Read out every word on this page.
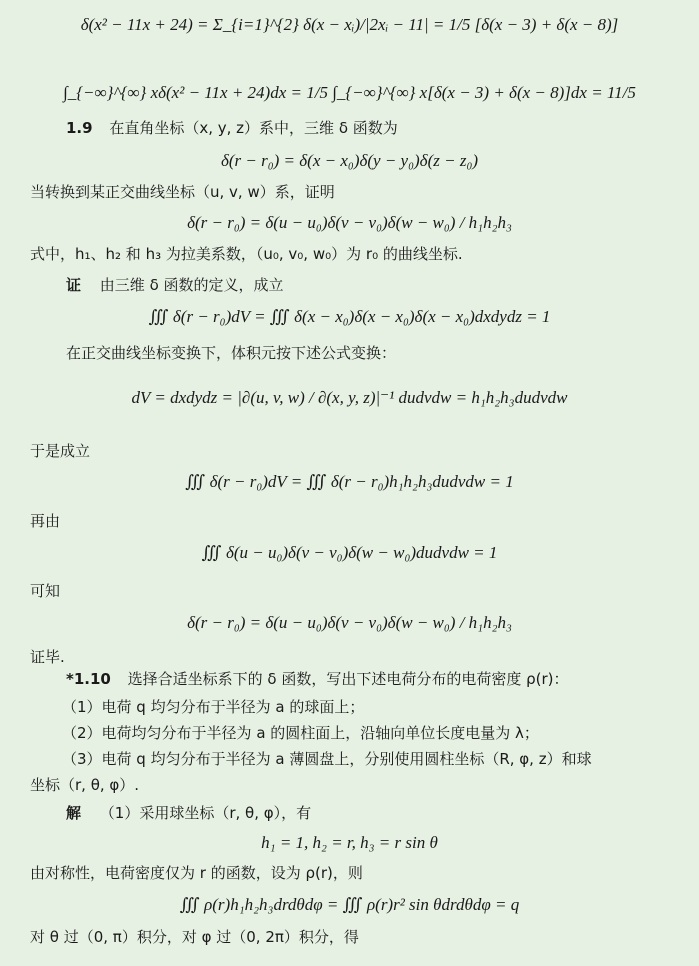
δ(x² − 11x + 24) = Σ_{i=1}^{2} δ(x − xᵢ)/|2xᵢ − 11| = 1/5 [δ(x − 3) + δ(x − 8)]
∫_{−∞}^{∞} xδ(x² − 11x + 24)dx = 1/5 ∫_{−∞}^{∞} x[δ(x − 3) + δ(x − 8)]dx = 11/5
1.9 在直角坐标（x, y, z）系中，三维 δ 函数为
δ(r − r₀) = δ(x − x₀)δ(y − y₀)δ(z − z₀)
当转换到某正交曲线坐标（u, v, w）系，证明
δ(r − r₀) = δ(u − u₀)δ(v − v₀)δ(w − w₀) / h₁h₂h₃
式中，h₁、h₂ 和 h₃ 为拉美系数，（u₀, v₀, w₀）为 r₀ 的曲线坐标.
证 由三维 δ 函数的定义，成立
∭ δ(r − r₀)dV = ∭ δ(x − x₀)δ(x − x₀)δ(x − x₀)dxdydz = 1
在正交曲线坐标变换下，体积元按下述公式变换：
dV = dxdydz = |∂(u, v, w) / ∂(x, y, z)|⁻¹ dudvdw = h₁h₂h₃dudvdw
于是成立
∭ δ(r − r₀)dV = ∭ δ(r − r₀)h₁h₂h₃dudvdw = 1
再由
∭ δ(u − u₀)δ(v − v₀)δ(w − w₀)dudvdw = 1
可知
δ(r − r₀) = δ(u − u₀)δ(v − v₀)δ(w − w₀) / h₁h₂h₃
证毕.
*1.10 选择合适坐标系下的 δ 函数，写出下述电荷分布的电荷密度 ρ(r)：
（1）电荷 q 均匀分布于半径为 a 的球面上；
（2）电荷均匀分布于半径为 a 的圆柱面上，沿轴向单位长度电量为 λ；
（3）电荷 q 均匀分布于半径为 a 薄圆盘上，分别使用圆柱坐标（R, φ, z）和球
坐标（r, θ, φ）.
解 （1）采用球坐标（r, θ, φ），有
h₁ = 1, h₂ = r, h₃ = r sin θ
由对称性，电荷密度仅为 r 的函数，设为 ρ(r)，则
∭ ρ(r)h₁h₂h₃drdθdφ = ∭ ρ(r)r² sin θdrdθdφ = q
对 θ 过（0, π）积分，对 φ 过（0, 2π）积分，得
